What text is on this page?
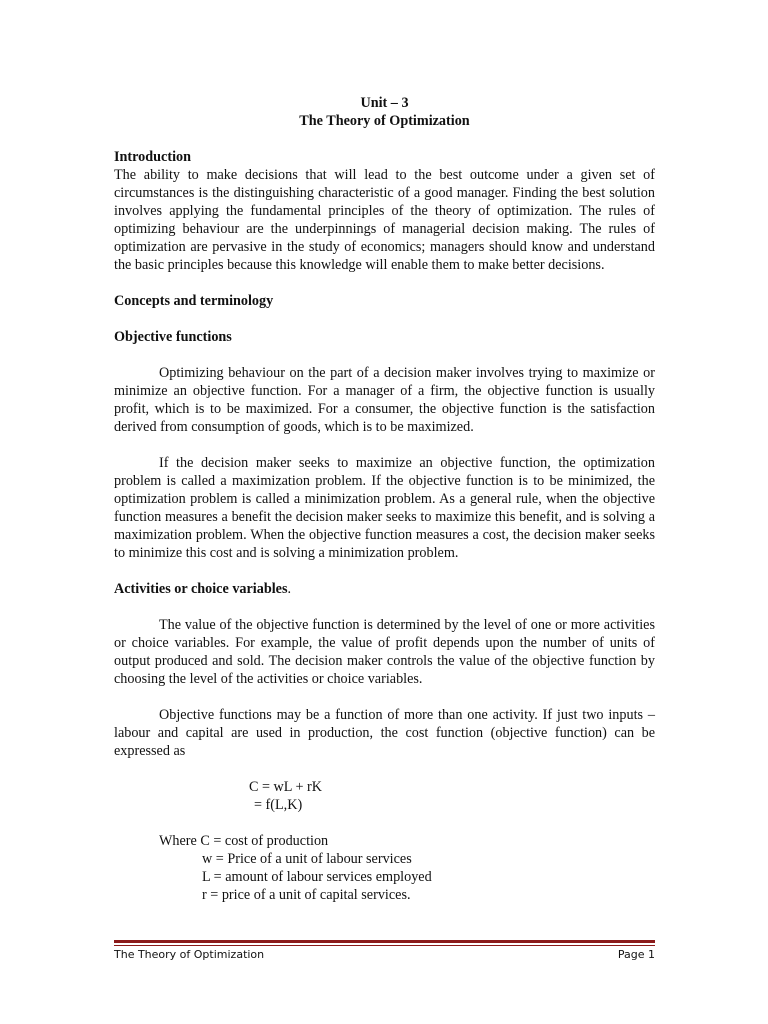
Unit – 3
The Theory of Optimization
Introduction

The ability to make decisions that will lead to the best outcome under a given set of circumstances is the distinguishing characteristic of a good manager. Finding the best solution involves applying the fundamental principles of the theory of optimization. The rules of optimizing behaviour are the underpinnings of managerial decision making. The rules of optimization are pervasive in the study of economics; managers should know and understand the basic principles because this knowledge will enable them to make better decisions.

Concepts and terminology
Objective functions

Optimizing behaviour on the part of a decision maker involves trying to maximize or minimize an objective function. For a manager of a firm, the objective function is usually profit, which is to be maximized. For a consumer, the objective function is the satisfaction derived from consumption of goods, which is to be maximized.

If the decision maker seeks to maximize an objective function, the optimization problem is called a maximization problem. If the objective function is to be minimized, the optimization problem is called a minimization problem. As a general rule, when the objective function measures a benefit the decision maker seeks to maximize this benefit, and is solving a maximization problem. When the objective function measures a cost, the decision maker seeks to minimize this cost and is solving a minimization problem.

Activities or choice variables.

The value of the objective function is determined by the level of one or more activities or choice variables. For example, the value of profit depends upon the number of units of output produced and sold. The decision maker controls the value of the objective function by choosing the level of the activities or choice variables.

Objective functions may be a function of more than one activity. If just two inputs – labour and capital are used in production, the cost function (objective function) can be expressed as

C = wL + rK
= f(L,K)
Where C = cost of production
w = Price of a unit of labour services
L = amount of labour services employed
r = price of a unit of capital services.
The Theory of Optimization	Page 1
